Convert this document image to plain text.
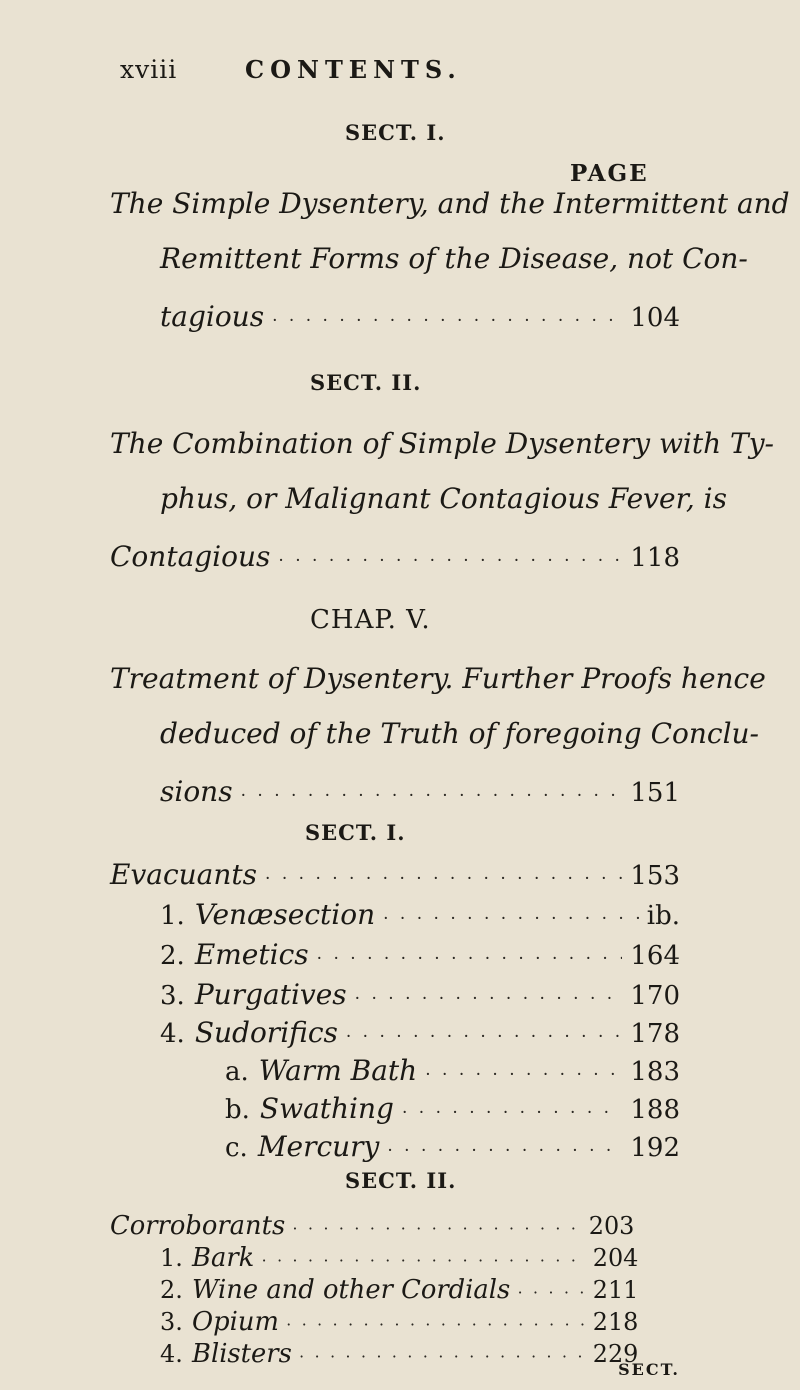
xviii	CONTENTS.
SECT. I.
PAGE
The Simple Dysentery, and the Intermittent and
Remittent Forms of the Disease, not Con-
tagious · · ·	104
SECT. II.
The Combination of Simple Dysentery with Ty-
phus, or Malignant Contagious Fever, is
Contagious · · ·	118
CHAP. V.
Treatment of Dysentery. Further Proofs hence
deduced of the Truth of foregoing Conclu-
sions · · ·	151
SECT. I.
Evacuants · · ·	153
1. Venæsection · · ·	ib.
2. Emetics · · ·	164
3. Purgatives · · ·	170
4. Sudorifics · · ·	178
a. Warm Bath · · ·	183
b. Swathing · · ·	188
c. Mercury · · ·	192
SECT. II.
Corroborants · · ·	203
1. Bark · · ·	204
2. Wine and other Cordials · · ·	211
3. Opium · · ·	218
4. Blisters · · ·	229
SECT.
